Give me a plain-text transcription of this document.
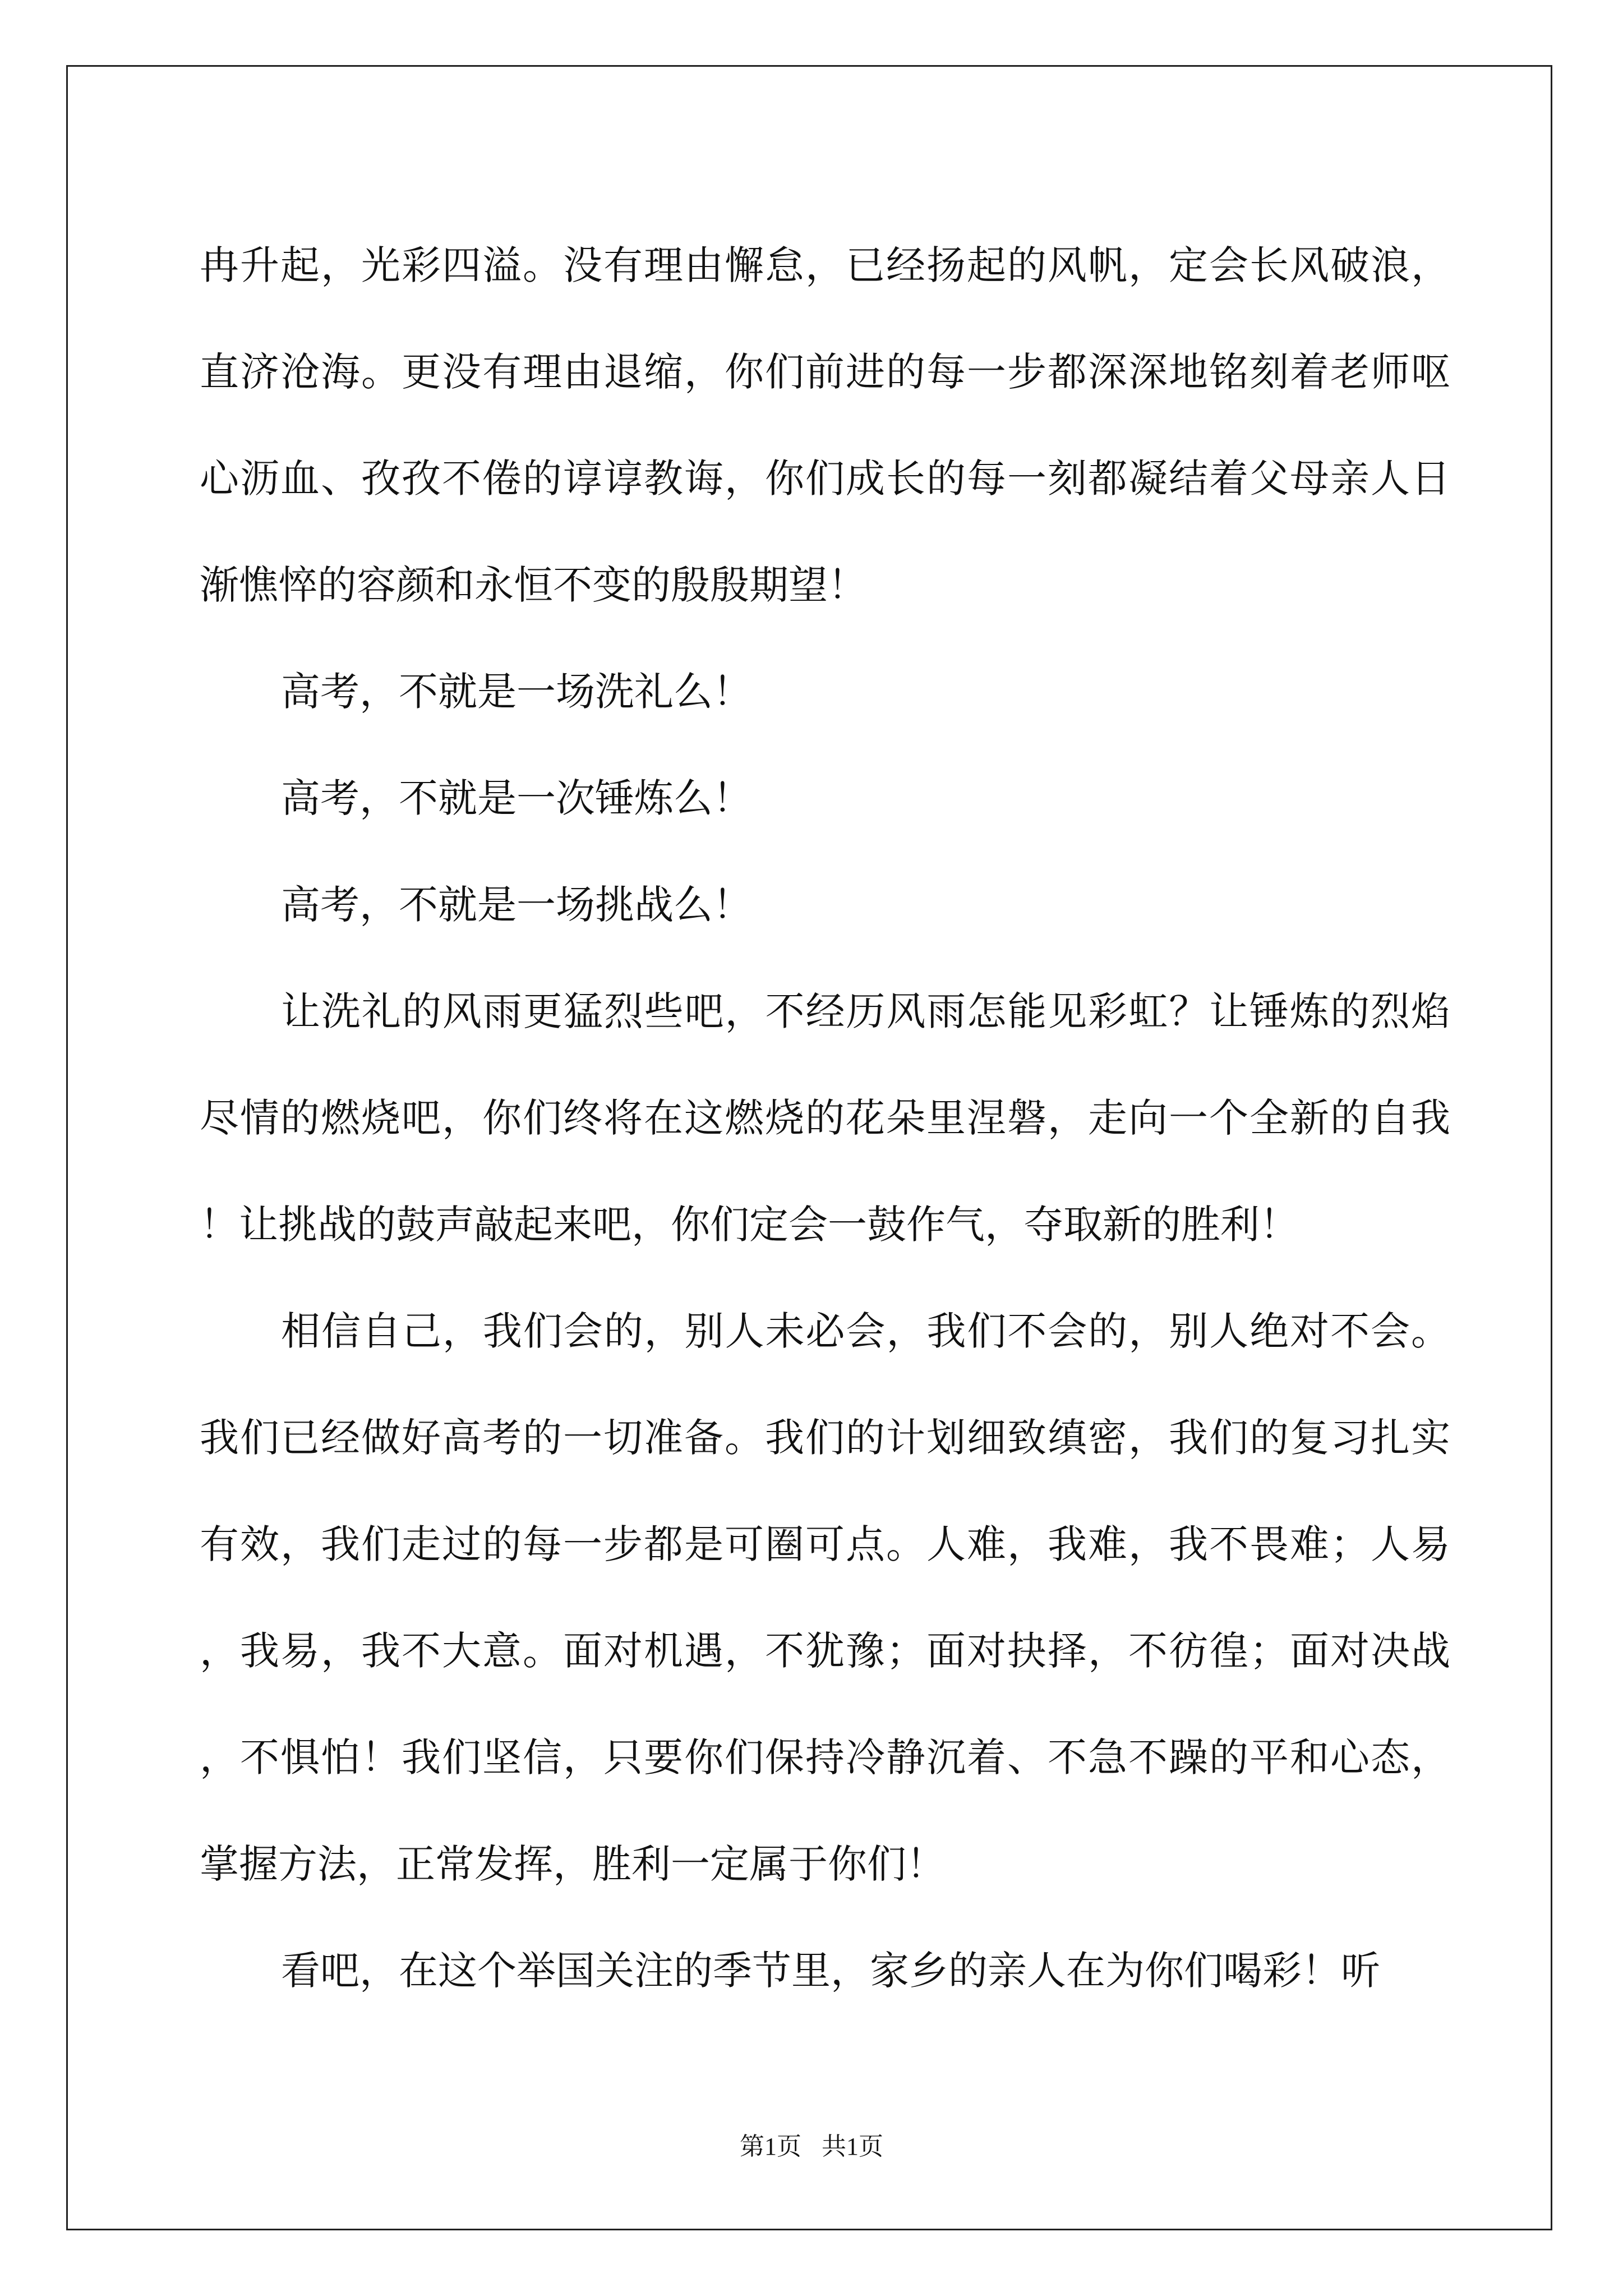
冉升起，光彩四溢。没有理由懈怠，已经扬起的风帆，定会长风破浪，直济沧海。更没有理由退缩，你们前进的每一步都深深地铭刻着老师呕心沥血、孜孜不倦的谆谆教诲，你们成长的每一刻都凝结着父母亲人日渐憔悴的容颜和永恒不变的殷殷期望！

高考，不就是一场洗礼么！

高考，不就是一次锤炼么！

高考，不就是一场挑战么！

让洗礼的风雨更猛烈些吧，不经历风雨怎能见彩虹？让锤炼的烈焰尽情的燃烧吧，你们终将在这燃烧的花朵里涅磐，走向一个全新的自我！让挑战的鼓声敲起来吧，你们定会一鼓作气，夺取新的胜利！

相信自己，我们会的，别人未必会，我们不会的，别人绝对不会。我们已经做好高考的一切准备。我们的计划细致缜密，我们的复习扎实有效，我们走过的每一步都是可圈可点。人难，我难，我不畏难；人易，我易，我不大意。面对机遇，不犹豫；面对抉择，不彷徨；面对决战，不惧怕！我们坚信，只要你们保持冷静沉着、不急不躁的平和心态，掌握方法，正常发挥，胜利一定属于你们！

看吧，在这个举国关注的季节里，家乡的亲人在为你们喝彩！听

第1页 共1页
